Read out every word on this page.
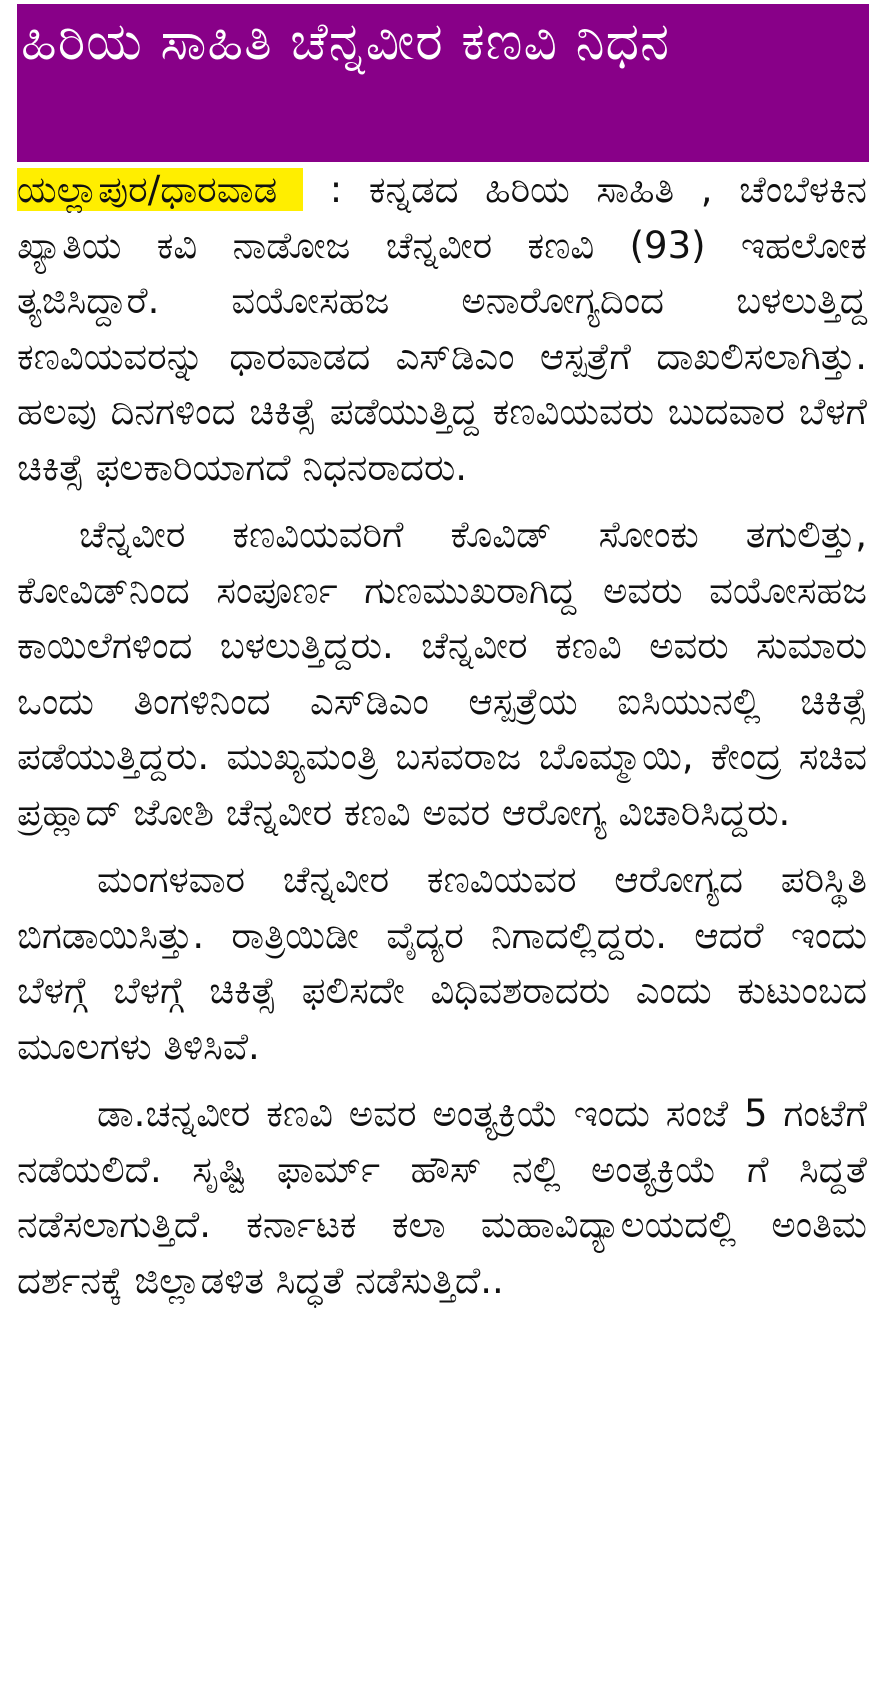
ಹಿರಿಯ ಸಾಹಿತಿ ಚೆನ್ನವೀರ ಕಣವಿ ನಿಧನ

ಯಲ್ಲಾಪುರ/ಧಾರವಾಡ : ಕನ್ನಡದ ಹಿರಿಯ ಸಾಹಿತಿ , ಚೆಂಬೆಳಕಿನ ಖ್ಯಾತಿಯ ಕವಿ ನಾಡೋಜ ಚೆನ್ನವೀರ ಕಣವಿ (93) ಇಹಲೋಕ ತ್ಯಜಿಸಿದ್ದಾರೆ. ವಯೋಸಹಜ ಅನಾರೋಗ್ಯದಿಂದ ಬಳಲುತ್ತಿದ್ದ ಕಣವಿಯವರನ್ನು ಧಾರವಾಡದ ಎಸ್‌ಡಿಎಂ ಆಸ್ಪತ್ರೆಗೆ ದಾಖಲಿಸಲಾಗಿತ್ತು. ಹಲವು ದಿನಗಳಿಂದ ಚಿಕಿತ್ಸೆ ಪಡೆಯುತ್ತಿದ್ದ ಕಣವಿಯವರು ಬುದವಾರ ಬೆಳಗೆ ಚಿಕಿತ್ಸೆ ಫಲಕಾರಿಯಾಗದೆ ನಿಧನರಾದರು.

ಚೆನ್ನವೀರ ಕಣವಿಯವರಿಗೆ ಕೊವಿಡ್ ಸೋಂಕು ತಗುಲಿತ್ತು, ಕೋವಿಡ್‌ನಿಂದ ಸಂಪೂರ್ಣ ಗುಣಮುಖರಾಗಿದ್ದ ಅವರು ವಯೋಸಹಜ ಕಾಯಿಲೆಗಳಿಂದ ಬಳಲುತ್ತಿದ್ದರು. ಚೆನ್ನವೀರ ಕಣವಿ ಅವರು ಸುಮಾರು ಒಂದು ತಿಂಗಳಿನಿಂದ ಎಸ್‌ಡಿಎಂ ಆಸ್ಪತ್ರೆಯ ಐಸಿಯುನಲ್ಲಿ ಚಿಕಿತ್ಸೆ ಪಡೆಯುತ್ತಿದ್ದರು. ಮುಖ್ಯಮಂತ್ರಿ ಬಸವರಾಜ ಬೊಮ್ಮಾಯಿ, ಕೇಂದ್ರ ಸಚಿವ ಪ್ರಹ್ಲಾದ್ ಜೋಶಿ ಚೆನ್ನವೀರ ಕಣವಿ ಅವರ ಆರೋಗ್ಯ ವಿಚಾರಿಸಿದ್ದರು.

ಮಂಗಳವಾರ ಚೆನ್ನವೀರ ಕಣವಿಯವರ ಆರೋಗ್ಯದ ಪರಿಸ್ಥಿತಿ ಬಿಗಡಾಯಿಸಿತ್ತು. ರಾತ್ರಿಯಿಡೀ ವೈದ್ಯರ ನಿಗಾದಲ್ಲಿದ್ದರು. ಆದರೆ ಇಂದು ಬೆಳಗ್ಗೆ ಬೆಳಗ್ಗೆ ಚಿಕಿತ್ಸೆ ಫಲಿಸದೇ ವಿಧಿವಶರಾದರು ಎಂದು ಕುಟುಂಬದ ಮೂಲಗಳು ತಿಳಿಸಿವೆ.

ಡಾ.ಚನ್ನವೀರ ಕಣವಿ ಅವರ ಅಂತ್ಯಕ್ರಿಯೆ ಇಂದು ಸಂಜೆ 5 ಗಂಟೆಗೆ ನಡೆಯಲಿದೆ. ಸೃಷ್ಟಿ ಫಾರ್ಮ್ ಹೌಸ್ ನಲ್ಲಿ ಅಂತ್ಯಕ್ರಿಯೆ ಗೆ ಸಿದ್ದತೆ ನಡೆಸಲಾಗುತ್ತಿದೆ. ಕರ್ನಾಟಕ ಕಲಾ ಮಹಾವಿದ್ಯಾಲಯದಲ್ಲಿ ಅಂತಿಮ ದರ್ಶನಕ್ಕೆ ಜಿಲ್ಲಾಡಳಿತ ಸಿದ್ಧತೆ ನಡೆಸುತ್ತಿದೆ..
